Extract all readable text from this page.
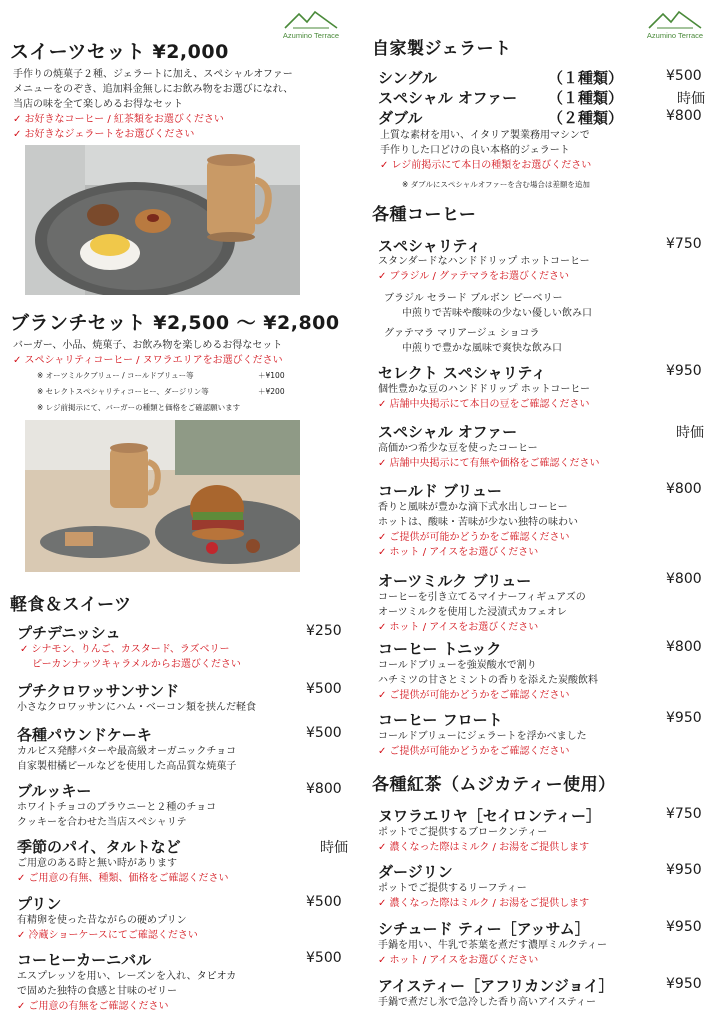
Azumino Terrace
スイーツセット ¥2,000
手作りの焼菓子２種、ジェラートに加え、スペシャルオファー
メニューをのぞき、追加料金無しにお飲み物をお選びになれ、
当店の味を全て楽しめるお得なセット
✓ お好きなコーヒー / 紅茶類をお選びください
✓ お好きなジェラートをお選びください
ブランチセット ¥2,500 〜 ¥2,800
バーガー、小品、焼菓子、お飲み物を楽しめるお得なセット
✓ スペシャリティコーヒー / ヌワラエリアをお選びください
※ オーツミルクブリュー / コールドブリュー等	＋¥100
※ セレクトスペシャリティコーヒー、ダージリン等	＋¥200
※ レジ前掲示にて、バーガーの種類と価格をご確認願います
軽食＆スイーツ
プチデニッシュ	¥250
✓ シナモン、りんご、カスタード、ラズベリー
ピーカンナッツキャラメルからお選びください
プチクロワッサンサンド	¥500
小さなクロワッサンにハム・ベーコン類を挟んだ軽食
各種パウンドケーキ	¥500
カルピス発酵バターや最高級オーガニックチョコ
自家製柑橘ピールなどを使用した高品質な焼菓子
ブルッキー	¥800
ホワイトチョコのブラウニーと２種のチョコ
クッキーを合わせた当店スペシャリテ
季節のパイ、タルトなど	時価
ご用意のある時と無い時があります
✓ ご用意の有無、種類、価格をご確認ください
プリン	¥500
有精卵を使った昔ながらの硬めプリン
✓ 冷蔵ショーケースにてご確認ください
コーヒーカーニバル	¥500
エスプレッソを用い、レーズンを入れ、タピオカ
で固めた独特の食感と甘味のゼリー
✓ ご用意の有無をご確認ください
Azumino Terrace
自家製ジェラート
シングル	（１種類）	¥500
スペシャル オファー （１種類）	時価
ダブル	（２種類）	¥800
上質な素材を用い、イタリア製業務用マシンで
手作りした口どけの良い本格的ジェラート
✓ レジ前掲示にて本日の種類をお選びください
※ ダブルにスペシャルオファーを含む場合は差額を追加
各種コーヒー
スペシャリティ	¥750
スタンダードなハンドドリップ ホットコーヒー
✓ ブラジル / グァテマラをお選びください
ブラジル セラード ブルボン ピーベリー
中煎りで苦味や酸味の少ない優しい飲み口
グァテマラ マリアージュ ショコラ
中煎りで豊かな風味で爽快な飲み口
セレクト スペシャリティ	¥950
個性豊かな豆のハンドドリップ ホットコーヒー
✓ 店舗中央掲示にて本日の豆をご確認ください
スペシャル オファー	時価
高価かつ希少な豆を使ったコーヒー
✓ 店舗中央掲示にて有無や価格をご確認ください
コールド ブリュー	¥800
香りと風味が豊かな滴下式水出しコーヒー
ホットは、酸味・苦味が少ない独特の味わい
✓ ご提供が可能かどうかをご確認ください
✓ ホット / アイスをお選びください
オーツミルク ブリュー	¥800
コーヒーを引き立てるマイナーフィギュアズの
オーツミルクを使用した浸漬式カフェオレ
✓ ホット / アイスをお選びください
コーヒー トニック	¥800
コールドブリューを強炭酸水で割り
ハチミツの甘さとミントの香りを添えた炭酸飲料
✓ ご提供が可能かどうかをご確認ください
コーヒー フロート	¥950
コールドブリューにジェラートを浮かべました
✓ ご提供が可能かどうかをご確認ください
各種紅茶（ムジカティー使用）
ヌワラエリヤ［セイロンティー］	¥750
ポットでご提供するブロークンティー
✓ 濃くなった際はミルク / お湯をご提供します
ダージリン	¥950
ポットでご提供するリーフティー
✓ 濃くなった際はミルク / お湯をご提供します
シチュード ティー［アッサム］	¥950
手鍋を用い、牛乳で茶葉を煮だす濃厚ミルクティー
✓ ホット / アイスをお選びください
アイスティー［アフリカンジョイ］	¥950
手鍋で煮だし氷で急冷した香り高いアイスティー
